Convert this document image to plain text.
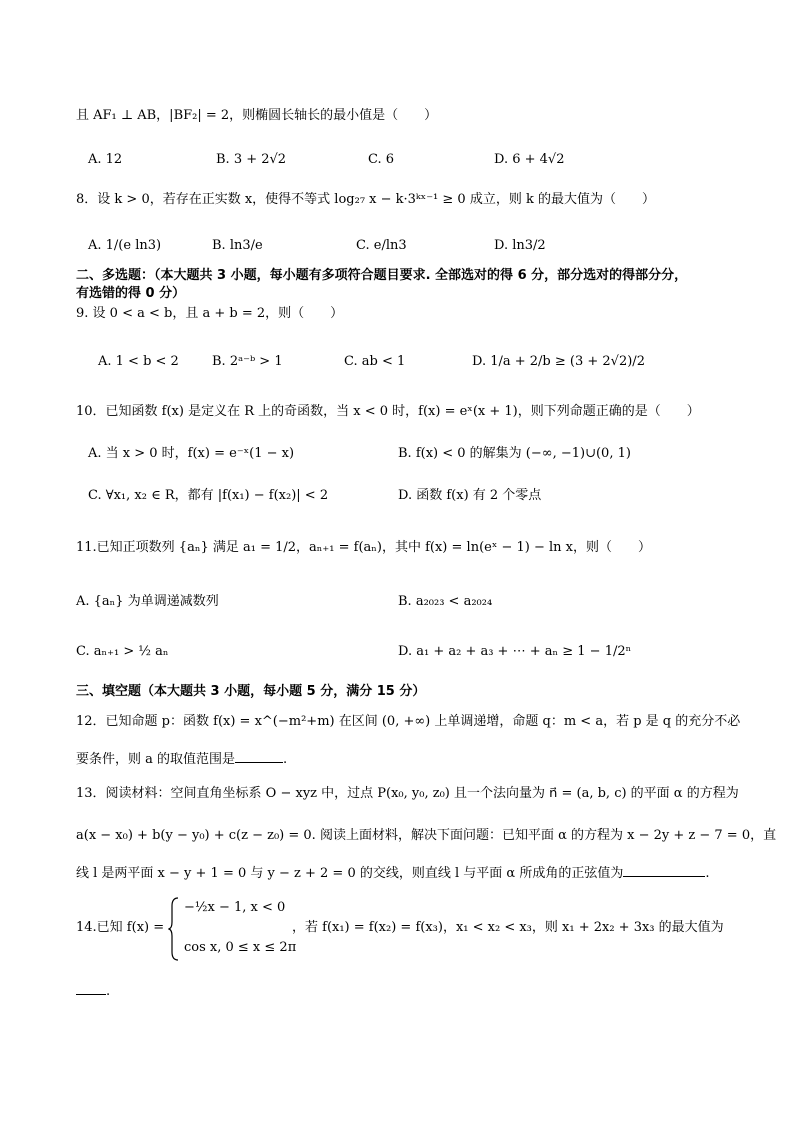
且 AF₁ ⊥ AB，|BF₂| = 2，则椭圆长轴长的最小值是（　　）
A. 12	B. 3 + 2√2	C. 6	D. 6 + 4√2
8．设 k > 0，若存在正实数 x，使得不等式 log₂₇ x − k·3ᵏˣ⁻¹ ≥ 0 成立，则 k 的最大值为（　　）
A. 1/(e ln3)	B. ln3/e	C. e/ln3	D. ln3/2
二、多选题：（本大题共 3 小题，每小题有多项符合题目要求. 全部选对的得 6 分，部分选对的得部分分，
有选错的得 0 分）
9. 设 0 < a < b，且 a + b = 2，则（　　）
A. 1 < b < 2	B. 2ᵃ⁻ᵇ > 1	C. ab < 1	D. 1/a + 2/b ≥ (3 + 2√2)/2
10．已知函数 f(x) 是定义在 R 上的奇函数，当 x < 0 时，f(x) = eˣ(x + 1)，则下列命题正确的是（　　）
A. 当 x > 0 时，f(x) = e⁻ˣ(1 − x)	B. f(x) < 0 的解集为 (−∞, −1)∪(0, 1)
C. ∀x₁, x₂ ∈ R，都有 |f(x₁) − f(x₂)| < 2	D. 函数 f(x) 有 2 个零点
11.已知正项数列 {aₙ} 满足 a₁ = 1/2，aₙ₊₁ = f(aₙ)，其中 f(x) = ln(eˣ − 1) − ln x，则（　　）
A. {aₙ} 为单调递减数列	B. a₂₀₂₃ < a₂₀₂₄
C. aₙ₊₁ > ½ aₙ	D. a₁ + a₂ + a₃ + ⋯ + aₙ ≥ 1 − 1/2ⁿ
三、填空题（本大题共 3 小题，每小题 5 分，满分 15 分）
12．已知命题 p：函数 f(x) = x^(−m²+m) 在区间 (0, +∞) 上单调递增，命题 q：m < a，若 p 是 q 的充分不必
要条件，则 a 的取值范围是	.
13．阅读材料：空间直角坐标系 O − xyz 中，过点 P(x₀, y₀, z₀) 且一个法向量为 n⃗ = (a, b, c) 的平面 α 的方程为
a(x − x₀) + b(y − y₀) + c(z − z₀) = 0. 阅读上面材料，解决下面问题：已知平面 α 的方程为 x − 2y + z − 7 = 0，直
线 l 是两平面 x − y + 1 = 0 与 y − z + 2 = 0 的交线，则直线 l 与平面 α 所成角的正弦值为	.
14.已知 f(x) =
−½x − 1, x < 0
cos x, 0 ≤ x ≤ 2π
，若 f(x₁) = f(x₂) = f(x₃)，x₁ < x₂ < x₃，则 x₁ + 2x₂ + 3x₃ 的最大值为
.
